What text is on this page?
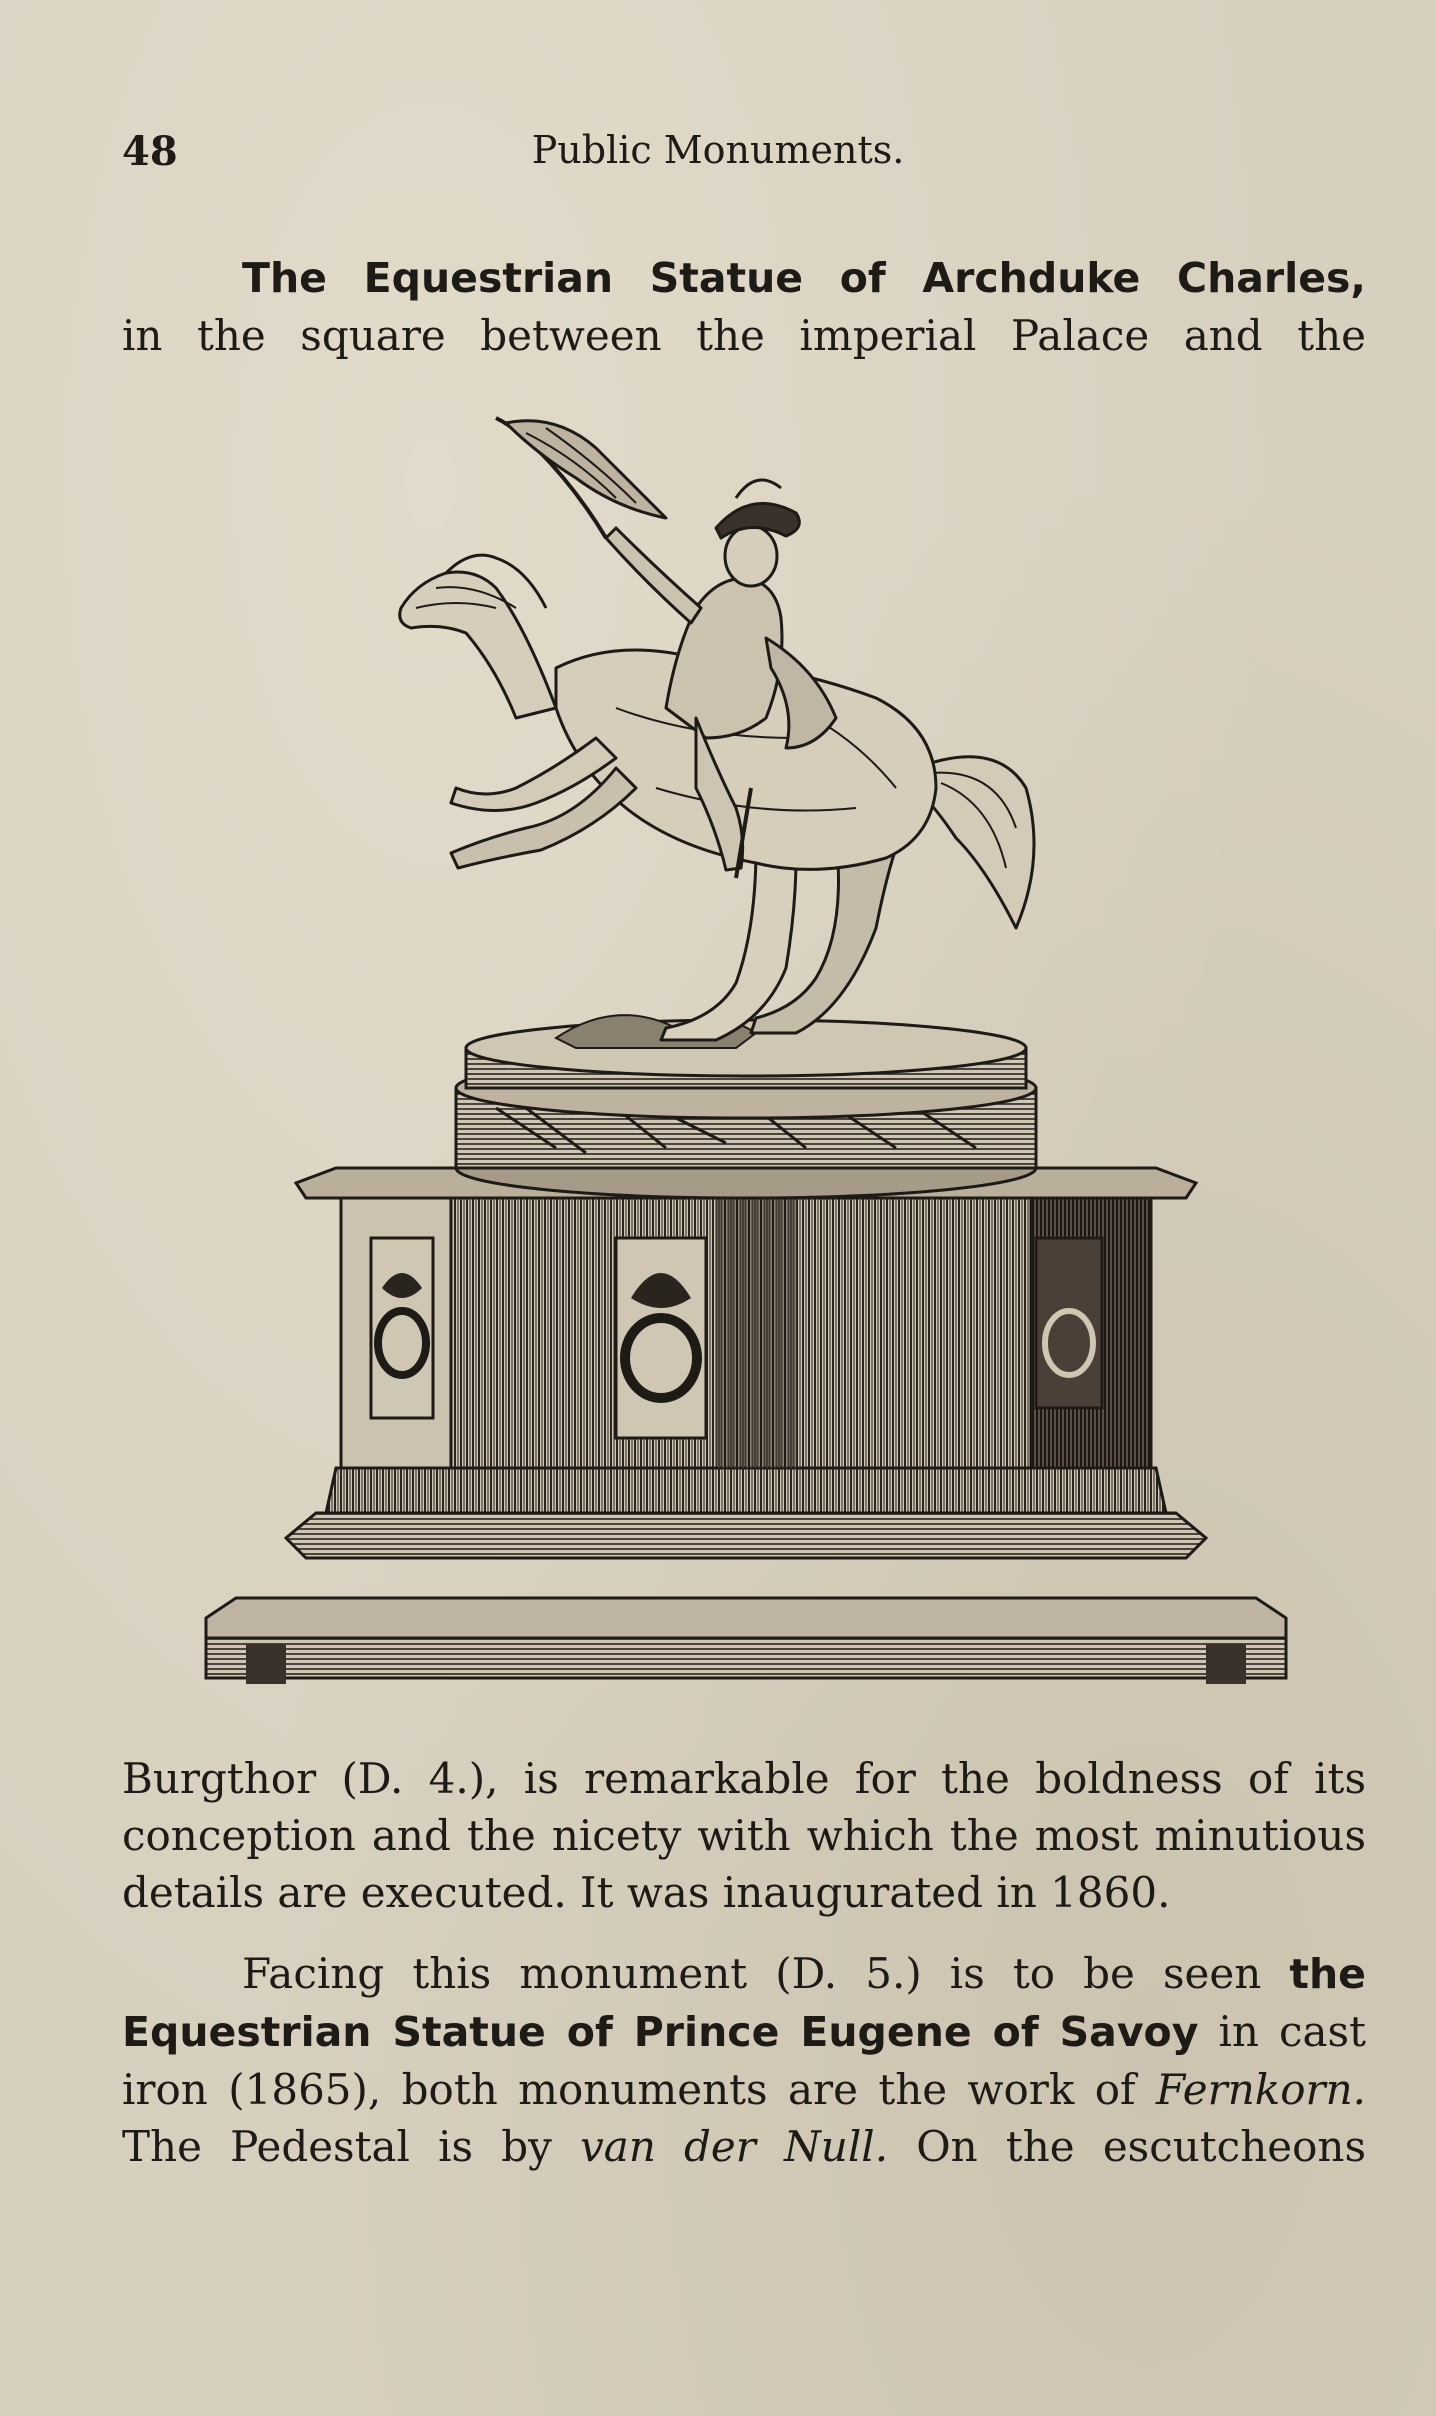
48	Public Monuments.
The Equestrian Statue of Archduke Charles,
in the square between the imperial Palace and the
Burgthor (D. 4.), is remarkable for the boldness of its
conception and the nicety with which the most minutious
details are executed. It was inaugurated in 1860.
Facing this monument (D. 5.) is to be seen the
Equestrian Statue of Prince Eugene of Savoy in cast
iron (1865), both monuments are the work of Fernkorn.
The Pedestal is by van der Null. On the escutcheons
